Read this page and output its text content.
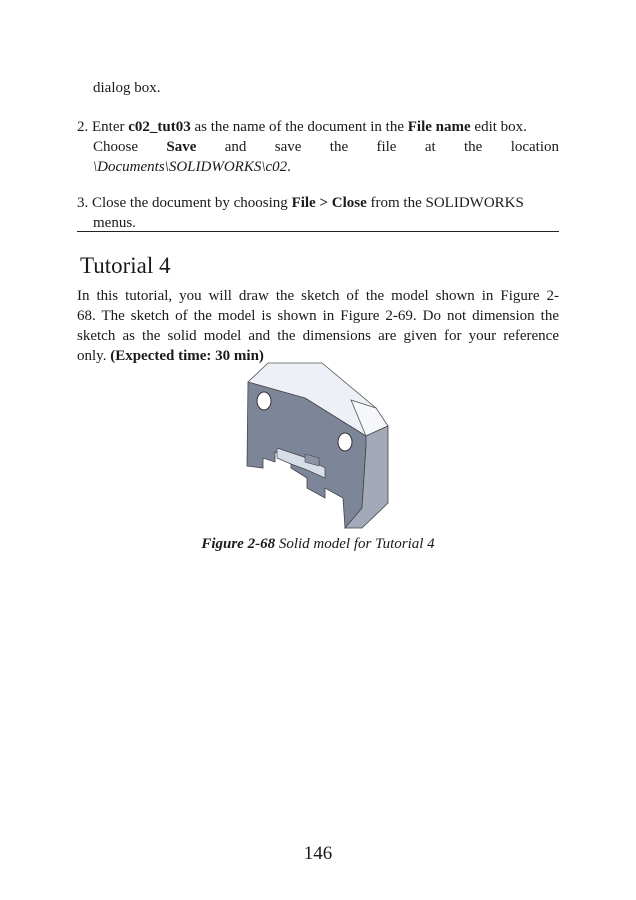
dialog box.

2. Enter c02_tut03 as the name of the document in the File name edit box.
Choose Save and save the file at the location
\Documents\SOLIDWORKS\c02.
3. Close the document by choosing File > Close from the SOLIDWORKS
menus.
Tutorial 4
In this tutorial, you will draw the sketch of the model shown in Figure 2-
68. The sketch of the model is shown in Figure 2-69. Do not dimension the
sketch as the solid model and the dimensions are given for your reference
only. (Expected time: 30 min)
Figure 2-68 Solid model for Tutorial 4
146
